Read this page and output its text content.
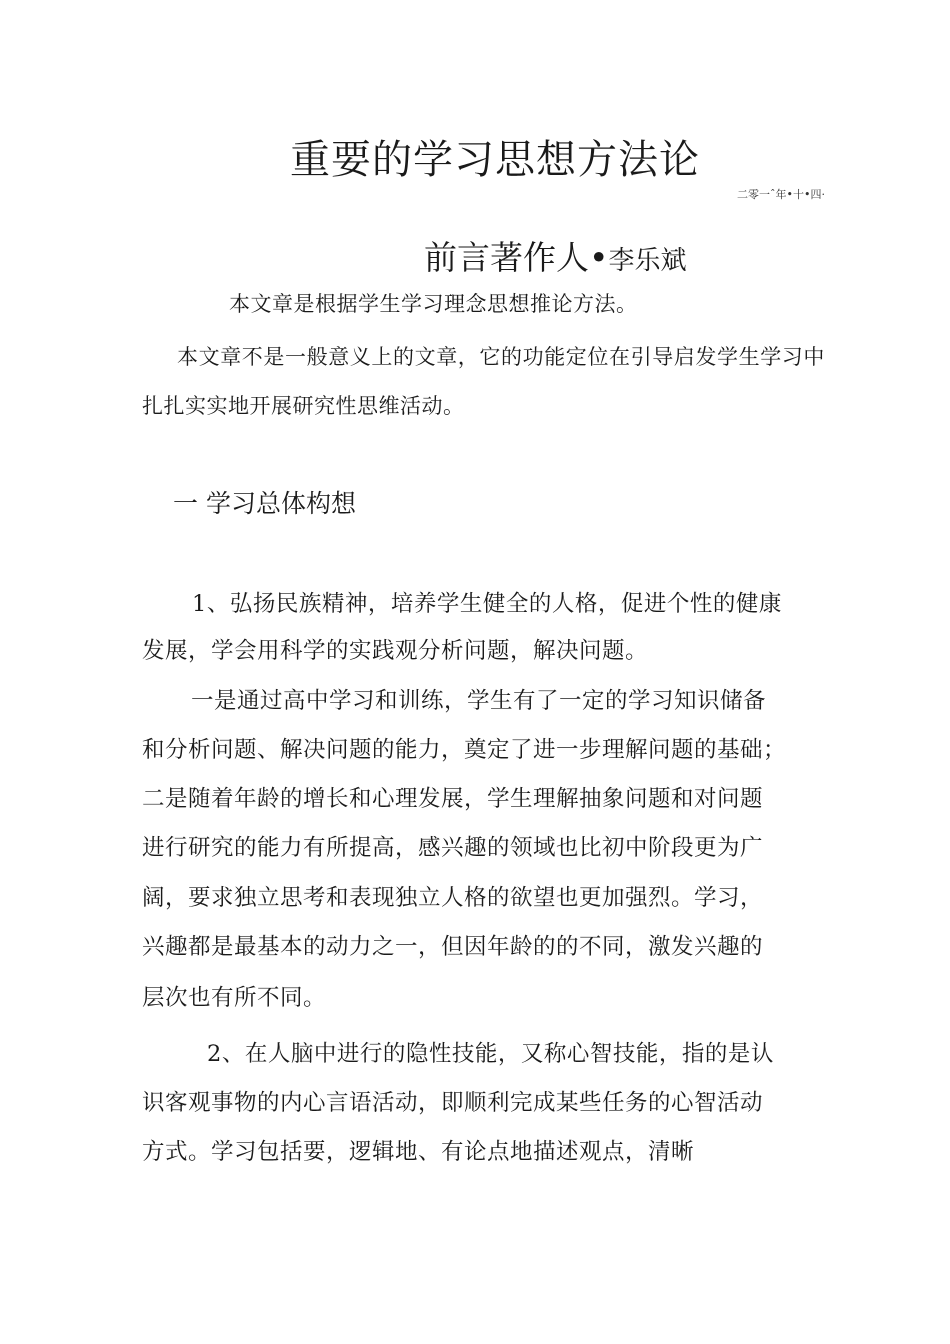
重要的学习思想方法论
二零一ˆ年•十•四·
前言著作人•李乐斌
本文章是根据学生学习理念思想推论方法。
本文章不是一般意义上的文章，它的功能定位在引导启发学生学习中
扎扎实实地开展研究性思维活动。
一 学习总体构想
1、弘扬民族精神，培养学生健全的人格，促进个性的健康
发展，学会用科学的实践观分析问题，解决问题。
一是通过高中学习和训练，学生有了一定的学习知识储备
和分析问题、解决问题的能力，奠定了进一步理解问题的基础；
二是随着年龄的增长和心理发展，学生理解抽象问题和对问题
进行研究的能力有所提高，感兴趣的领域也比初中阶段更为广
阔，要求独立思考和表现独立人格的欲望也更加强烈。学习，
兴趣都是最基本的动力之一，但因年龄的的不同，激发兴趣的
层次也有所不同。
2、在人脑中进行的隐性技能，又称心智技能，指的是认
识客观事物的内心言语活动，即顺利完成某些任务的心智活动
方式。学习包括要，逻辑地、有论点地描述观点，清晰
